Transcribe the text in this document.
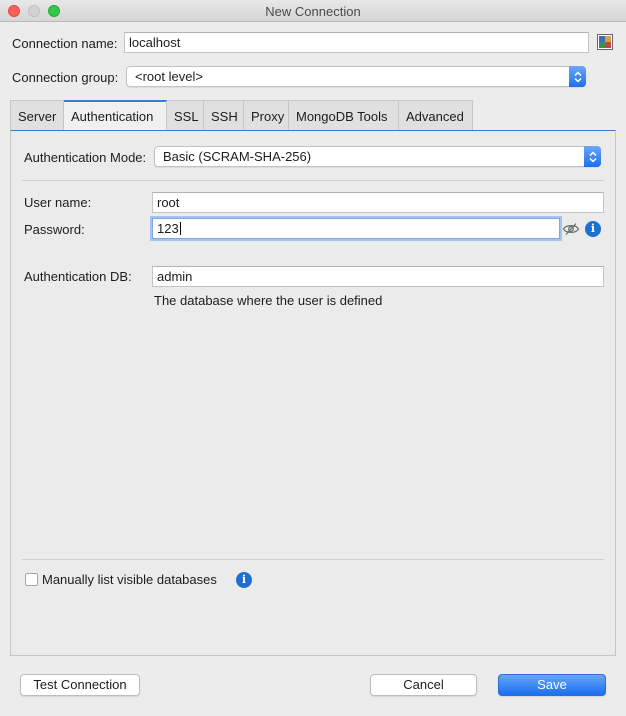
New Connection
Connection name: localhost
Connection group:	<root level>
Server	Authentication	SSL SSH	Proxy MongoDB Tools	Advanced
Authentication Mode:	Basic (SCRAM-SHA-256)
User name:	root
Password:	123	i
Authentication DB:	admin
The database where the user is defined
Manually list visible databases	i
Test Connection	Cancel	Save
